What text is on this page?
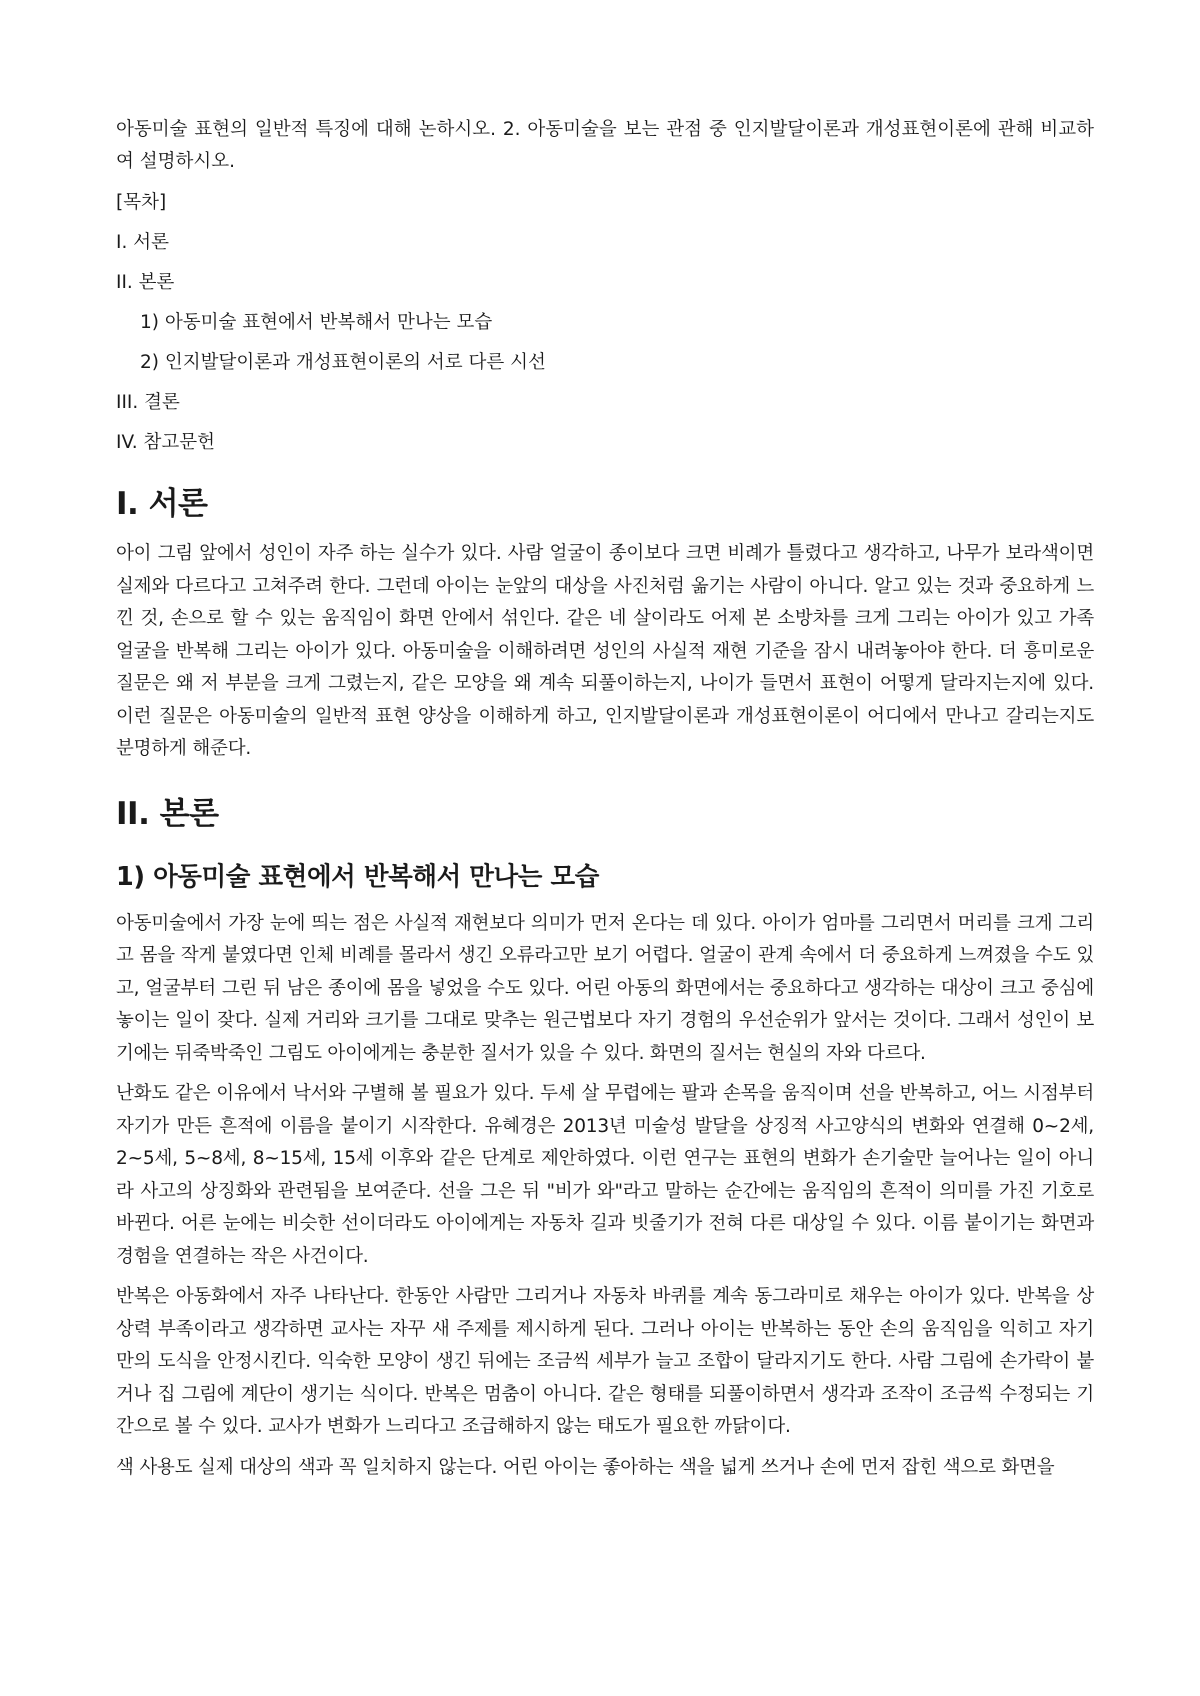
아동미술 표현의 일반적 특징에 대해 논하시오. 2. 아동미술을 보는 관점 중 인지발달이론과 개성표현이론에 관해 비교하여 설명하시오.

[목차]

I. 서론

II. 본론

1) 아동미술 표현에서 반복해서 만나는 모습

2) 인지발달이론과 개성표현이론의 서로 다른 시선

III. 결론

IV. 참고문헌

I. 서론

아이 그림 앞에서 성인이 자주 하는 실수가 있다. 사람 얼굴이 종이보다 크면 비례가 틀렸다고 생각하고, 나무가 보라색이면 실제와 다르다고 고쳐주려 한다. 그런데 아이는 눈앞의 대상을 사진처럼 옮기는 사람이 아니다. 알고 있는 것과 중요하게 느낀 것, 손으로 할 수 있는 움직임이 화면 안에서 섞인다. 같은 네 살이라도 어제 본 소방차를 크게 그리는 아이가 있고 가족 얼굴을 반복해 그리는 아이가 있다. 아동미술을 이해하려면 성인의 사실적 재현 기준을 잠시 내려놓아야 한다. 더 흥미로운 질문은 왜 저 부분을 크게 그렸는지, 같은 모양을 왜 계속 되풀이하는지, 나이가 들면서 표현이 어떻게 달라지는지에 있다. 이런 질문은 아동미술의 일반적 표현 양상을 이해하게 하고, 인지발달이론과 개성표현이론이 어디에서 만나고 갈리는지도 분명하게 해준다.

II. 본론
1) 아동미술 표현에서 반복해서 만나는 모습

아동미술에서 가장 눈에 띄는 점은 사실적 재현보다 의미가 먼저 온다는 데 있다. 아이가 엄마를 그리면서 머리를 크게 그리고 몸을 작게 붙였다면 인체 비례를 몰라서 생긴 오류라고만 보기 어렵다. 얼굴이 관계 속에서 더 중요하게 느껴졌을 수도 있고, 얼굴부터 그린 뒤 남은 종이에 몸을 넣었을 수도 있다. 어린 아동의 화면에서는 중요하다고 생각하는 대상이 크고 중심에 놓이는 일이 잦다. 실제 거리와 크기를 그대로 맞추는 원근법보다 자기 경험의 우선순위가 앞서는 것이다. 그래서 성인이 보기에는 뒤죽박죽인 그림도 아이에게는 충분한 질서가 있을 수 있다. 화면의 질서는 현실의 자와 다르다.

난화도 같은 이유에서 낙서와 구별해 볼 필요가 있다. 두세 살 무렵에는 팔과 손목을 움직이며 선을 반복하고, 어느 시점부터 자기가 만든 흔적에 이름을 붙이기 시작한다. 유혜경은 2013년 미술성 발달을 상징적 사고양식의 변화와 연결해 0~2세, 2~5세, 5~8세, 8~15세, 15세 이후와 같은 단계로 제안하였다. 이런 연구는 표현의 변화가 손기술만 늘어나는 일이 아니라 사고의 상징화와 관련됨을 보여준다. 선을 그은 뒤 "비가 와"라고 말하는 순간에는 움직임의 흔적이 의미를 가진 기호로 바뀐다. 어른 눈에는 비슷한 선이더라도 아이에게는 자동차 길과 빗줄기가 전혀 다른 대상일 수 있다. 이름 붙이기는 화면과 경험을 연결하는 작은 사건이다.

반복은 아동화에서 자주 나타난다. 한동안 사람만 그리거나 자동차 바퀴를 계속 동그라미로 채우는 아이가 있다. 반복을 상상력 부족이라고 생각하면 교사는 자꾸 새 주제를 제시하게 된다. 그러나 아이는 반복하는 동안 손의 움직임을 익히고 자기만의 도식을 안정시킨다. 익숙한 모양이 생긴 뒤에는 조금씩 세부가 늘고 조합이 달라지기도 한다. 사람 그림에 손가락이 붙거나 집 그림에 계단이 생기는 식이다. 반복은 멈춤이 아니다. 같은 형태를 되풀이하면서 생각과 조작이 조금씩 수정되는 기간으로 볼 수 있다. 교사가 변화가 느리다고 조급해하지 않는 태도가 필요한 까닭이다.

색 사용도 실제 대상의 색과 꼭 일치하지 않는다. 어린 아이는 좋아하는 색을 넓게 쓰거나 손에 먼저 잡힌 색으로 화면을
